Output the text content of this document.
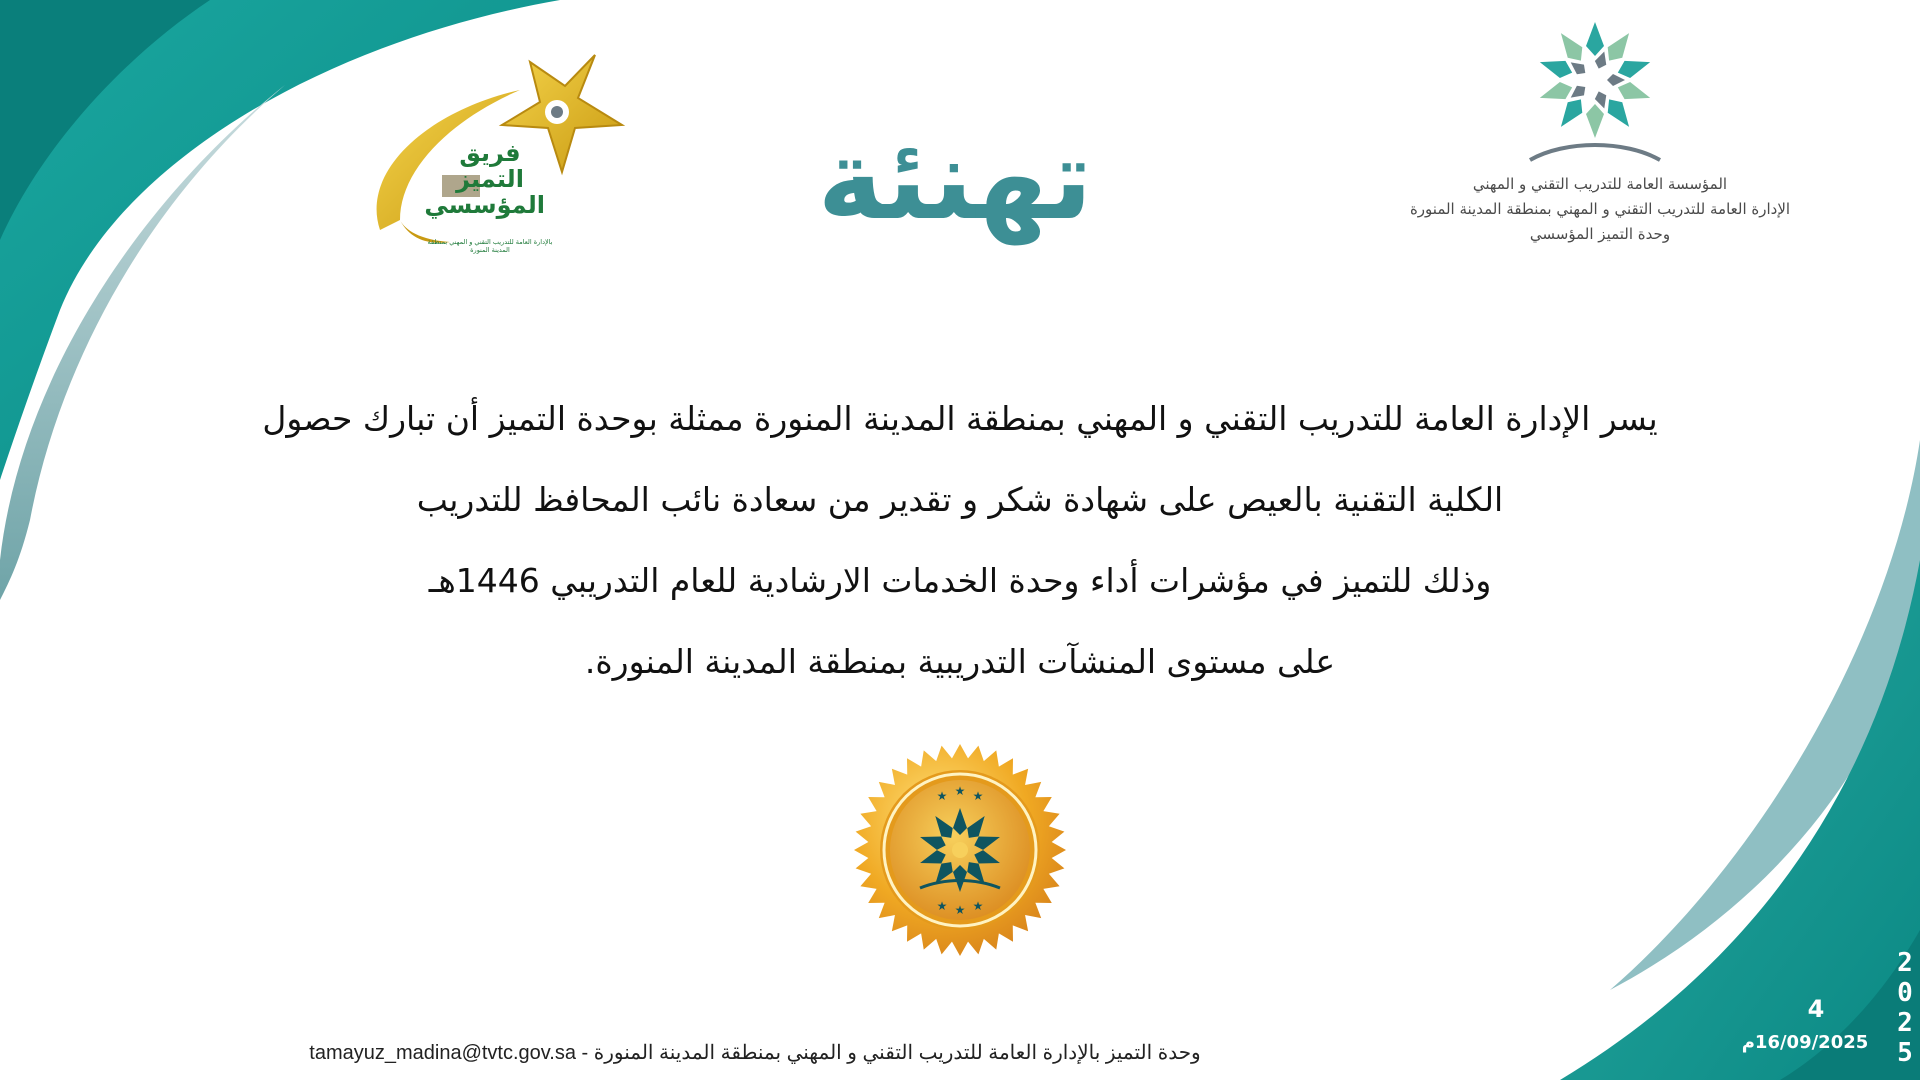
المؤسسة العامة للتدريب التقني و المهني
الإدارة العامة للتدريب التقني و المهني بمنطقة المدينة المنورة
وحدة التميز المؤسسي
تهنئة
فريق
التميز
المؤسسي
بالإدارة العامة للتدريب التقني و المهني بمنطقة المدينة المنورة
يسر الإدارة العامة للتدريب التقني و المهني بمنطقة المدينة المنورة ممثلة بوحدة التميز أن تبارك حصول
الكلية التقنية بالعيص على شهادة شكر و تقدير من سعادة نائب المحافظ للتدريب
وذلك للتميز في مؤشرات أداء وحدة الخدمات الارشادية للعام التدريبي 1446هـ
على مستوى المنشآت التدريبية بمنطقة المدينة المنورة.
★ ★ ★
★ ★ ★
وحدة التميز بالإدارة العامة للتدريب التقني و المهني بمنطقة المدينة المنورة - tamayuz_madina@tvtc.gov.sa
4
16/09/2025م
2
0
2
5
